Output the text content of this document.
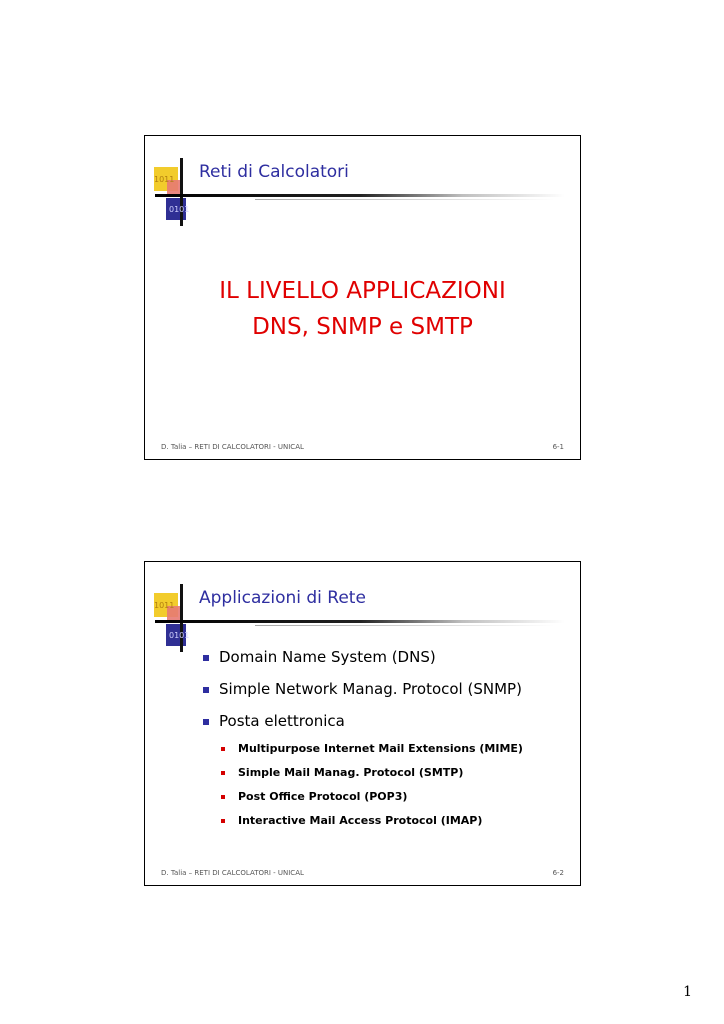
1011
0101
Reti di Calcolatori
IL LIVELLO APPLICAZIONI
DNS, SNMP e SMTP
D. Talia – RETI DI CALCOLATORI - UNICAL	6-1
1011
0101
Applicazioni di Rete
Domain Name System (DNS)
Simple Network Manag. Protocol (SNMP)
Posta elettronica
Multipurpose Internet Mail Extensions (MIME)
Simple Mail Manag. Protocol (SMTP)
Post Office Protocol (POP3)
Interactive Mail Access Protocol (IMAP)
D. Talia – RETI DI CALCOLATORI - UNICAL	6-2
1
